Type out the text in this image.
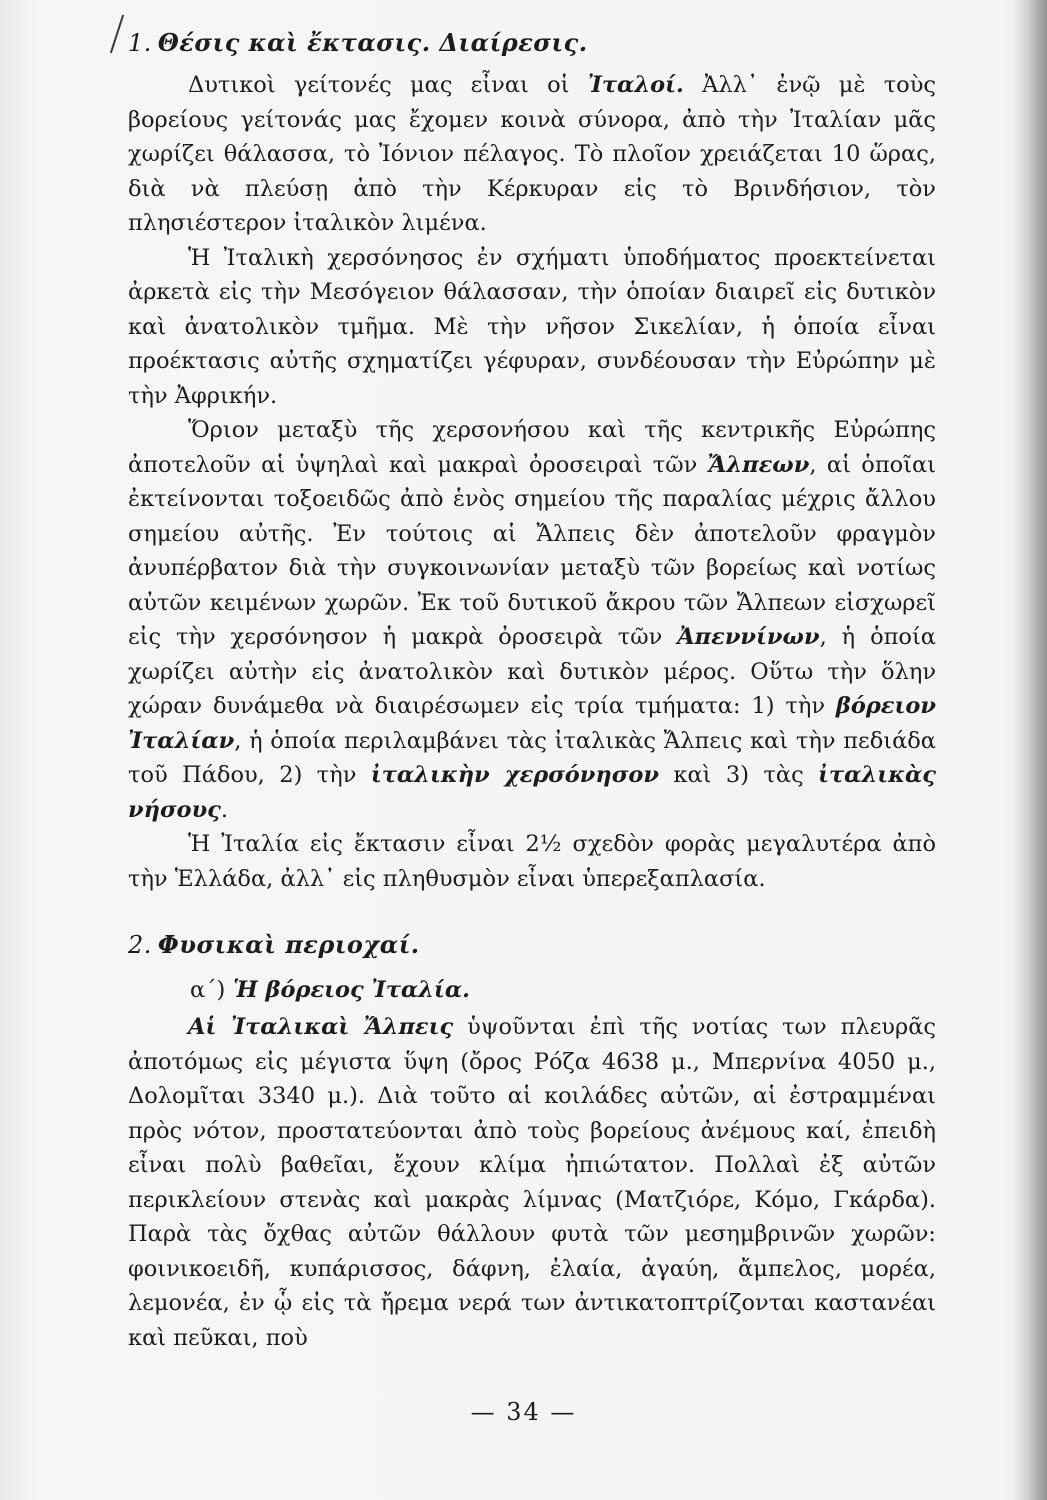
1. Θέσις καὶ ἔκτασις. Διαίρεσις.

Δυτικοὶ γείτονές μας εἶναι οἱ Ἰταλοί. Ἀλλ᾽ ἐνῷ μὲ τοὺς βορείους γείτονάς μας ἔχομεν κοινὰ σύνορα, ἀπὸ τὴν Ἰταλίαν μᾶς χωρίζει θάλασσα, τὸ Ἰόνιον πέλαγος. Τὸ πλοῖον χρειάζεται 10 ὥρας, διὰ νὰ πλεύσῃ ἀπὸ τὴν Κέρκυραν εἰς τὸ Βρινδήσιον, τὸν πλησιέστερον ἰταλικὸν λιμένα.

Ἡ Ἰταλικὴ χερσόνησος ἐν σχήματι ὑποδήματος προεκτείνεται ἀρκετὰ εἰς τὴν Μεσόγειον θάλασσαν, τὴν ὁποίαν διαιρεῖ εἰς δυτικὸν καὶ ἀνατολικὸν τμῆμα. Μὲ τὴν νῆσον Σικελίαν, ἡ ὁποία εἶναι προέκτασις αὐτῆς σχηματίζει γέφυραν, συνδέουσαν τὴν Εὐρώπην μὲ τὴν Ἀφρικήν.

Ὅριον μεταξὺ τῆς χερσονήσου καὶ τῆς κεντρικῆς Εὐρώπης ἀποτελοῦν αἱ ὑψηλαὶ καὶ μακραὶ ὀροσειραὶ τῶν Ἄλπεων, αἱ ὁποῖαι ἐκτείνονται τοξοειδῶς ἀπὸ ἑνὸς σημείου τῆς παραλίας μέχρις ἄλλου σημείου αὐτῆς. Ἐν τούτοις αἱ Ἄλπεις δὲν ἀποτελοῦν φραγμὸν ἀνυπέρβατον διὰ τὴν συγκοινωνίαν μεταξὺ τῶν βορείως καὶ νοτίως αὐτῶν κειμένων χωρῶν. Ἐκ τοῦ δυτικοῦ ἄκρου τῶν Ἄλπεων εἰσχωρεῖ εἰς τὴν χερσόνησον ἡ μακρὰ ὀροσειρὰ τῶν Ἀπεννίνων, ἡ ὁποία χωρίζει αὐτὴν εἰς ἀνατολικὸν καὶ δυτικὸν μέρος. Οὕτω τὴν ὅλην χώραν δυνάμεθα νὰ διαιρέσωμεν εἰς τρία τμήματα: 1) τὴν βόρειον Ἰταλίαν, ἡ ὁποία περιλαμβάνει τὰς ἰταλικὰς Ἄλπεις καὶ τὴν πεδιάδα τοῦ Πάδου, 2) τὴν ἰταλικὴν χερσόνησον καὶ 3) τὰς ἰταλικὰς νήσους.

Ἡ Ἰταλία εἰς ἔκτασιν εἶναι 2½ σχεδὸν φορὰς μεγαλυτέρα ἀπὸ τὴν Ἑλλάδα, ἀλλ᾽ εἰς πληθυσμὸν εἶναι ὑπερεξαπλασία.

2. Φυσικαὶ περιοχαί.
α΄) Ἡ βόρειος Ἰταλία.

Αἱ Ἰταλικαὶ Ἄλπεις ὑψοῦνται ἐπὶ τῆς νοτίας των πλευρᾶς ἀποτόμως εἰς μέγιστα ὕψη (ὄρος Ρόζα 4638 μ., Μπερνίνα 4050 μ., Δολομῖται 3340 μ.). Διὰ τοῦτο αἱ κοιλάδες αὐτῶν, αἱ ἐστραμμέναι πρὸς νότον, προστατεύονται ἀπὸ τοὺς βορείους ἀνέμους καί, ἐπειδὴ εἶναι πολὺ βαθεῖαι, ἔχουν κλίμα ἠπιώτατον. Πολλαὶ ἐξ αὐτῶν περικλείουν στενὰς καὶ μακρὰς λίμνας (Ματζιόρε, Κόμο, Γκάρδα). Παρὰ τὰς ὄχθας αὐτῶν θάλλουν φυτὰ τῶν μεσημβρινῶν χωρῶν: φοινικοειδῆ, κυπάρισσος, δάφνη, ἐλαία, ἀγαύη, ἄμπελος, μορέα, λεμονέα, ἐν ᾧ εἰς τὰ ἤρεμα νερά των ἀντικατοπτρίζονται καστανέαι καὶ πεῦκαι, ποὺ

— 34 —
